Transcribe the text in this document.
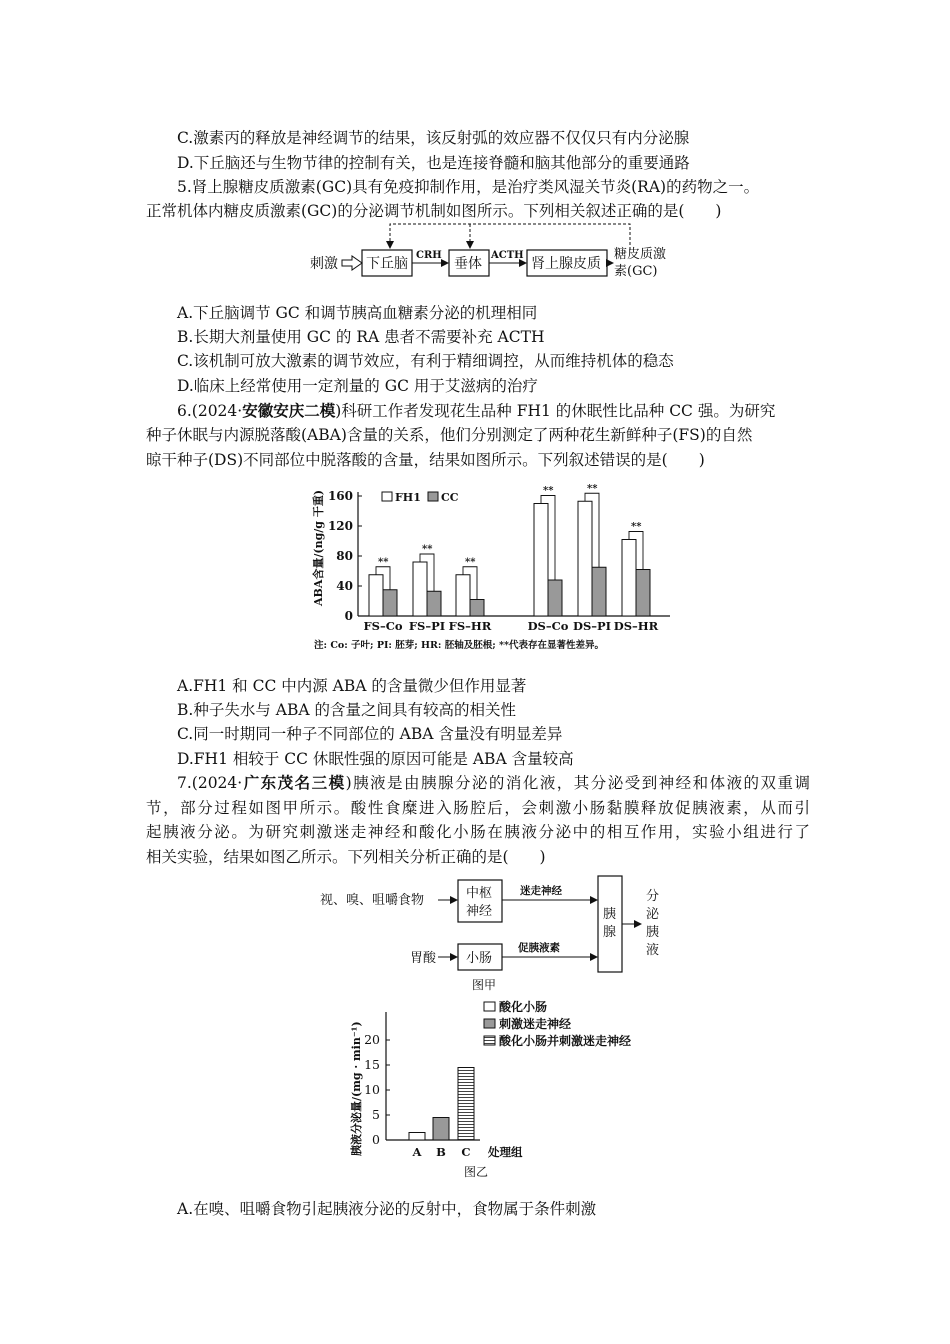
C.激素丙的释放是神经调节的结果，该反射弧的效应器不仅仅只有内分泌腺
D.下丘脑还与生物节律的控制有关，也是连接脊髓和脑其他部分的重要通路
5.肾上腺糖皮质激素(GC)具有免疫抑制作用，是治疗类风湿关节炎(RA)的药物之一。
正常机体内糖皮质激素(GC)的分泌调节机制如图所示。下列相关叙述正确的是(　　)
刺激 下丘脑
CRH
垂体
ACTH
肾上腺皮质
糖皮质激
素(GC)
A.下丘脑调节 GC 和调节胰高血糖素分泌的机理相同
B.长期大剂量使用 GC 的 RA 患者不需要补充 ACTH
C.该机制可放大激素的调节效应，有利于精细调控，从而维持机体的稳态
D.临床上经常使用一定剂量的 GC 用于艾滋病的治疗
6.(2024·安徽安庆二模)科研工作者发现花生品种 FH1 的休眠性比品种 CC 强。为研究
种子休眠与内源脱落酸(ABA)含量的关系，他们分别测定了两种花生新鲜种子(FS)的自然
晾干种子(DS)不同部位中脱落酸的含量，结果如图所示。下列叙述错误的是(　　)
0
40
80
120
160
**
FS–Co
**
FS–PI
**
FS–HR
**
DS–Co
**
DS–PI
**
DS–HR
FH1 CC
ABA含量/(ng/g 干重)
注: Co: 子叶; PI: 胚芽; HR: 胚轴及胚根; **代表存在显著性差异。
A.FH1 和 CC 中内源 ABA 的含量微少但作用显著
B.种子失水与 ABA 的含量之间具有较高的相关性
C.同一时期同一种子不同部位的 ABA 含量没有明显差异
D.FH1 相较于 CC 休眠性强的原因可能是 ABA 含量较高
7.(2024·广东茂名三模)胰液是由胰腺分泌的消化液，其分泌受到神经和体液的双重调
节，部分过程如图甲所示。酸性食糜进入肠腔后，会刺激小肠黏膜释放促胰液素，从而引
起胰液分泌。为研究刺激迷走神经和酸化小肠在胰液分泌中的相互作用，实验小组进行了
相关实验，结果如图乙所示。下列相关分析正确的是(　　)
视、嗅、咀嚼食物	中枢
神经
迷走神经
胃酸 小肠
促胰液素
胰
腺
分
泌
胰
液
图甲
0
5
10
15
20
A B C
酸化小肠
刺激迷走神经
酸化小肠并刺激迷走神经
胰液分泌量/(mg · min⁻¹)	处理组
图乙
A.在嗅、咀嚼食物引起胰液分泌的反射中，食物属于条件刺激
